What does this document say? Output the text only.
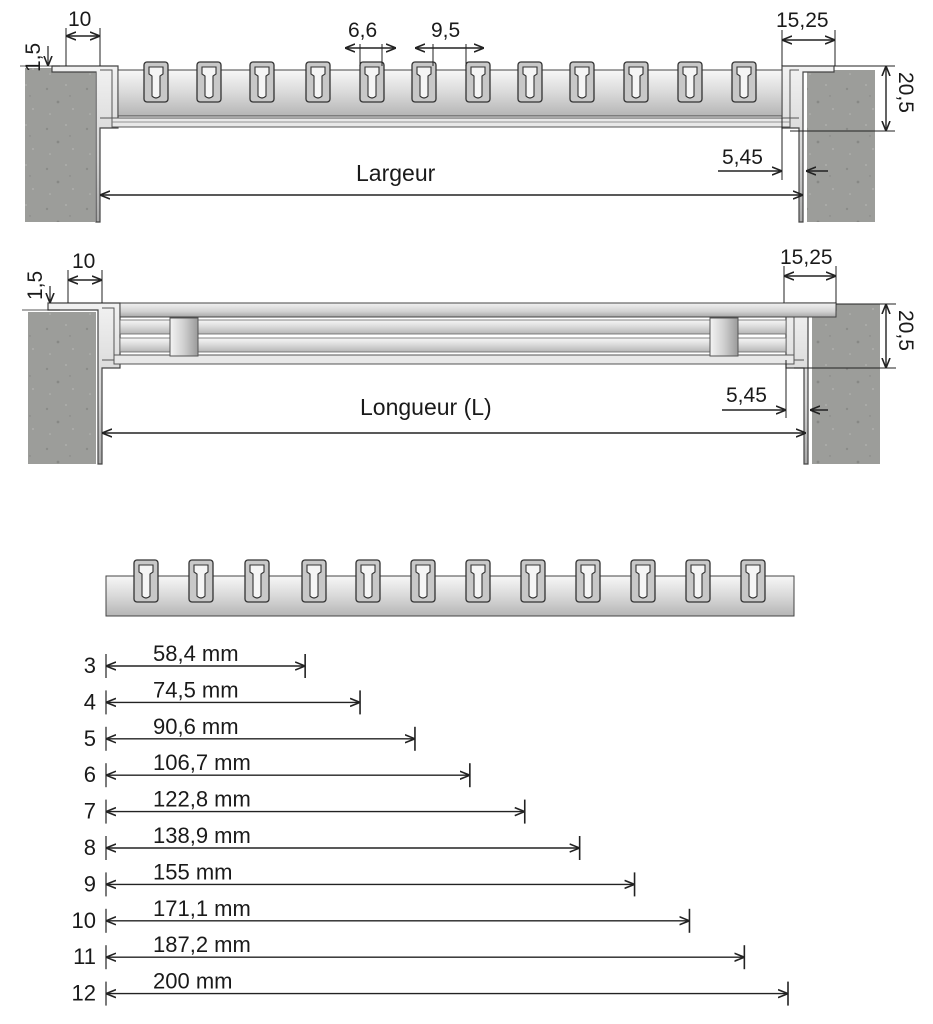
10
1,5
6,6	9,5	15,25
20,5
5,45
Largeur
10
1,5
15,25
20,5
5,45
Longueur (L)
3	58,4 mm
4	74,5 mm
5	90,6 mm
6	106,7 mm
7	122,8 mm
8	138,9 mm
9	155 mm
10	171,1 mm
11	187,2 mm
12	200 mm
